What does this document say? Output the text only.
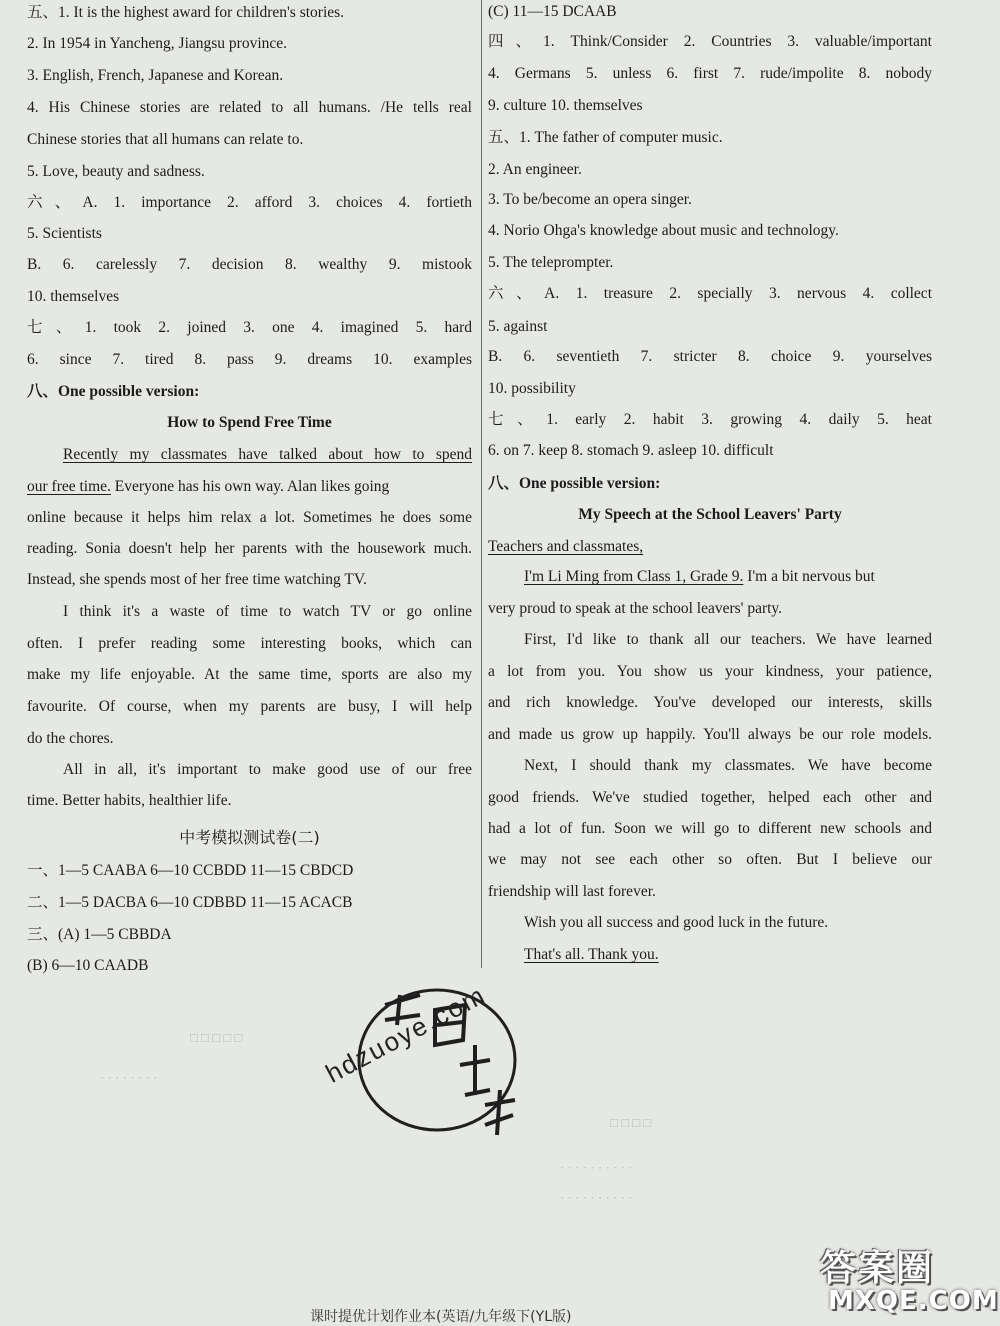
五、1. It is the highest award for children's stories.
2. In 1954 in Yancheng, Jiangsu province.
3. English, French, Japanese and Korean.
4. His Chinese stories are related to all humans. /He tells real
Chinese stories that all humans can relate to.
5. Love, beauty and sadness.
六、A. 1. importance 2. afford 3. choices 4. fortieth
5. Scientists
B. 6. carelessly 7. decision 8. wealthy 9. mistook
10. themselves
七、1. took 2. joined 3. one 4. imagined 5. hard
6. since 7. tired 8. pass 9. dreams 10. examples
八、One possible version:
How to Spend Free Time
Recently my classmates have talked about how to spend
our free time. Everyone has his own way. Alan likes going
online because it helps him relax a lot. Sometimes he does some
reading. Sonia doesn't help her parents with the housework much.
Instead, she spends most of her free time watching TV.
I think it's a waste of time to watch TV or go online
often. I prefer reading some interesting books, which can
make my life enjoyable. At the same time, sports are also my
favourite. Of course, when my parents are busy, I will help
do the chores.
All in all, it's important to make good use of our free
time. Better habits, healthier life.
中考模拟测试卷(二)
一、1—5 CAABA 6—10 CCBDD 11—15 CBDCD
二、1—5 DACBA 6—10 CDBBD 11—15 ACACB
三、(A) 1—5 CBBDA
(B) 6—10 CAADB
(C) 11—15 DCAAB
四、1. Think/Consider 2. Countries 3. valuable/important
4. Germans 5. unless 6. first 7. rude/impolite 8. nobody
9. culture 10. themselves
五、1. The father of computer music.
2. An engineer.
3. To be/become an opera singer.
4. Norio Ohga's knowledge about music and technology.
5. The teleprompter.
六、A. 1. treasure 2. specially 3. nervous 4. collect
5. against
B. 6. seventieth 7. stricter 8. choice 9. yourselves
10. possibility
七、1. early 2. habit 3. growing 4. daily 5. heat
6. on 7. keep 8. stomach 9. asleep 10. difficult
八、One possible version:
My Speech at the School Leavers' Party
Teachers and classmates,
I'm Li Ming from Class 1, Grade 9. I'm a bit nervous but
very proud to speak at the school leavers' party.
First, I'd like to thank all our teachers. We have learned
a lot from you. You show us your kindness, your patience,
and rich knowledge. You've developed our interests, skills
and made us grow up happily. You'll always be our role models.
Next, I should thank my classmates. We have become
good friends. We've studied together, helped each other and
had a lot of fun. Soon we will go to different new schools and
we may not see each other so often. But I believe our
friendship will last forever.
Wish you all success and good luck in the future.
That's all. Thank you.
□ □ □ □ □
· · · · · · · ·
□ □ □ □
· · · · · · · · · ·
· · · · · · · · · ·
hdzuoye.com
课时提优计划作业本(英语/九年级下(YL版)
答案圈
MXQE.COM
